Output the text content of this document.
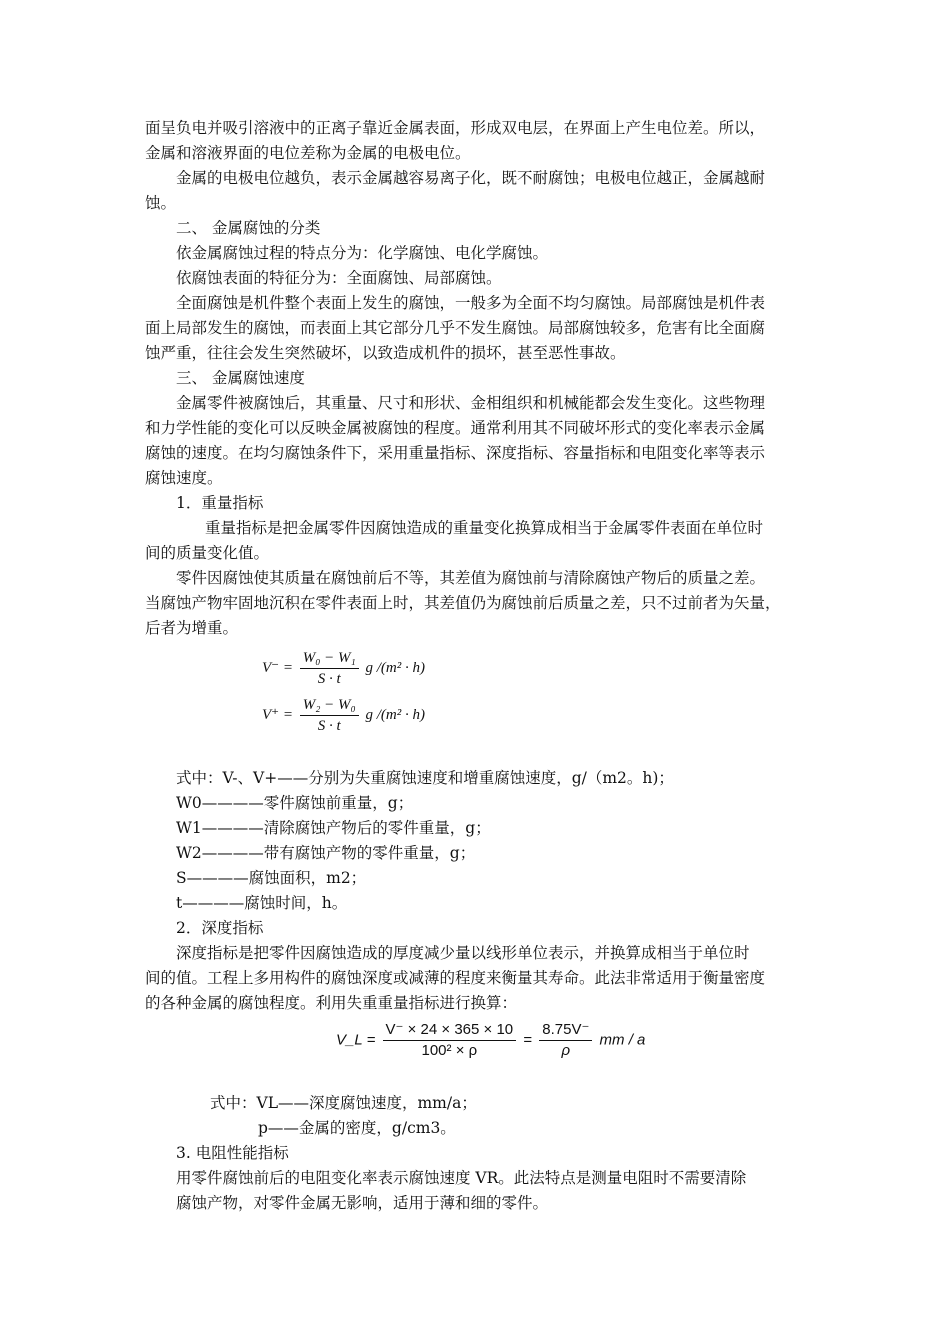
面呈负电并吸引溶液中的正离子靠近金属表面，形成双电层，在界面上产生电位差。所以，
金属和溶液界面的电位差称为金属的电极电位。
金属的电极电位越负，表示金属越容易离子化，既不耐腐蚀；电极电位越正，金属越耐
蚀。
二、 金属腐蚀的分类
依金属腐蚀过程的特点分为：化学腐蚀、电化学腐蚀。
依腐蚀表面的特征分为：全面腐蚀、局部腐蚀。
全面腐蚀是机件整个表面上发生的腐蚀，一般多为全面不均匀腐蚀。局部腐蚀是机件表
面上局部发生的腐蚀，而表面上其它部分几乎不发生腐蚀。局部腐蚀较多，危害有比全面腐
蚀严重，往往会发生突然破坏，以致造成机件的损坏，甚至恶性事故。
三、 金属腐蚀速度
金属零件被腐蚀后，其重量、尺寸和形状、金相组织和机械能都会发生变化。这些物理
和力学性能的变化可以反映金属被腐蚀的程度。通常利用其不同破坏形式的变化率表示金属
腐蚀的速度。在均匀腐蚀条件下，采用重量指标、深度指标、容量指标和电阻变化率等表示
腐蚀速度。
1．重量指标
重量指标是把金属零件因腐蚀造成的重量变化换算成相当于金属零件表面在单位时
间的质量变化值。
零件因腐蚀使其质量在腐蚀前后不等，其差值为腐蚀前与清除腐蚀产物后的质量之差。
当腐蚀产物牢固地沉积在零件表面上时，其差值仍为腐蚀前后质量之差，只不过前者为矢量，
后者为增重。
$V^- = \frac{\text{W₀ − W₁}}{S \cdot t}$ g /(m² · h)
$V^+ = \frac{\text{W₂ − W₀}}{S \cdot t}$ g /(m² · h)
式中：V-、V+——分别为失重腐蚀速度和增重腐蚀速度，g/（m2。h)；
W0————零件腐蚀前重量，g；
W1————清除腐蚀产物后的零件重量，g；
W2————带有腐蚀产物的零件重量，g；
S————腐蚀面积，m2；
t————腐蚀时间，h。
2．深度指标
深度指标是把零件因腐蚀造成的厚度减少量以线形单位表示，并换算成相当于单位时
间的值。工程上多用构件的腐蚀深度或减薄的程度来衡量其寿命。此法非常适用于衡量密度
的各种金属的腐蚀程度。利用失重重量指标进行换算：
V_L = $\frac{V^- \times 24 \times 365 \times 10}{\text{100² × ρ}} = \frac{8.75V^-}{\rho}$ mm / a
式中：VL——深度腐蚀速度，mm/a；
p——金属的密度，g/cm3。
3. 电阻性能指标
用零件腐蚀前后的电阻变化率表示腐蚀速度 VR。此法特点是测量电阻时不需要清除
腐蚀产物，对零件金属无影响，适用于薄和细的零件。
